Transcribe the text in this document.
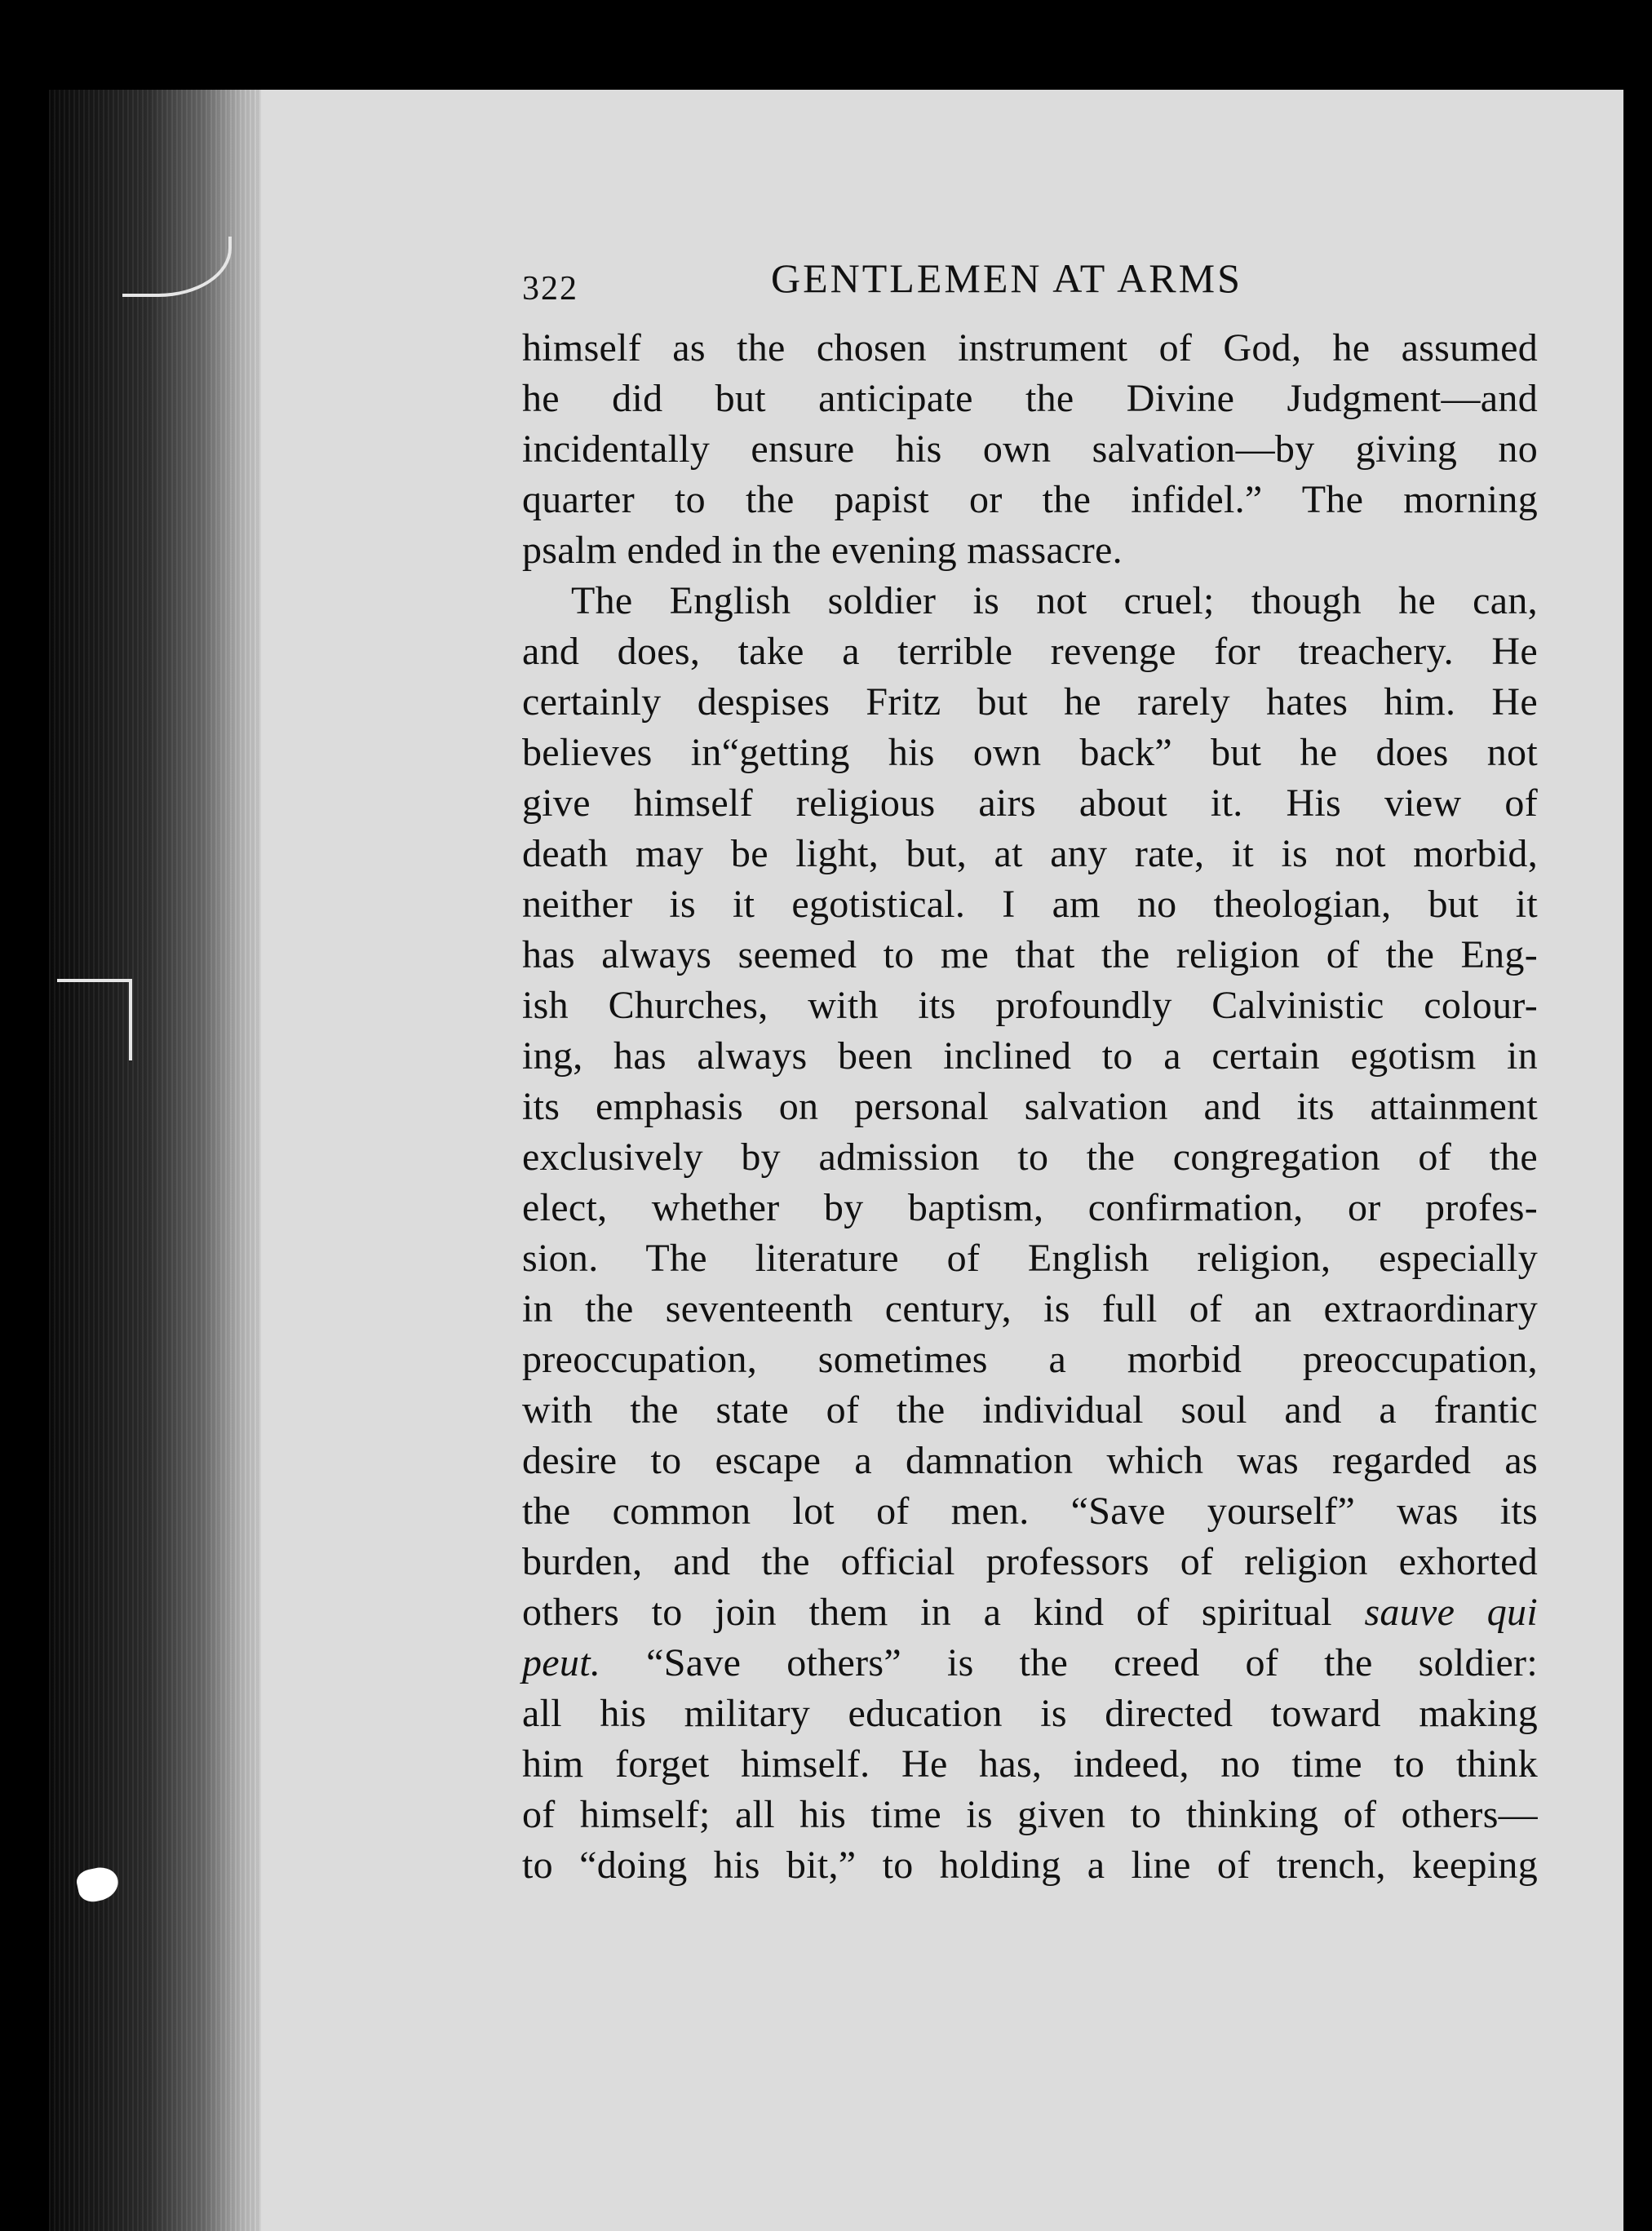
322	GENTLEMEN AT ARMS
himself as the chosen instrument of God, he assumed
he did but anticipate the Divine Judgment—and
incidentally ensure his own salvation—by giving no
quarter to the papist or the infidel.” The morning
psalm ended in the evening massacre.
The English soldier is not cruel; though he can,
and does, take a terrible revenge for treachery. He
certainly despises Fritz but he rarely hates him. He
believes in“getting his own back” but he does not
give himself religious airs about it. His view of
death may be light, but, at any rate, it is not morbid,
neither is it egotistical. I am no theologian, but it
has always seemed to me that the religion of the Eng-
ish Churches, with its profoundly Calvinistic colour-
ing, has always been inclined to a certain egotism in
its emphasis on personal salvation and its attainment
exclusively by admission to the congregation of the
elect, whether by baptism, confirmation, or profes-
sion. The literature of English religion, especially
in the seventeenth century, is full of an extraordinary
preoccupation, sometimes a morbid preoccupation,
with the state of the individual soul and a frantic
desire to escape a damnation which was regarded as
the common lot of men. “Save yourself” was its
burden, and the official professors of religion exhorted
others to join them in a kind of spiritual sauve qui
peut. “Save others” is the creed of the soldier:
all his military education is directed toward making
him forget himself. He has, indeed, no time to think
of himself; all his time is given to thinking of others—
to “doing his bit,” to holding a line of trench, keeping
